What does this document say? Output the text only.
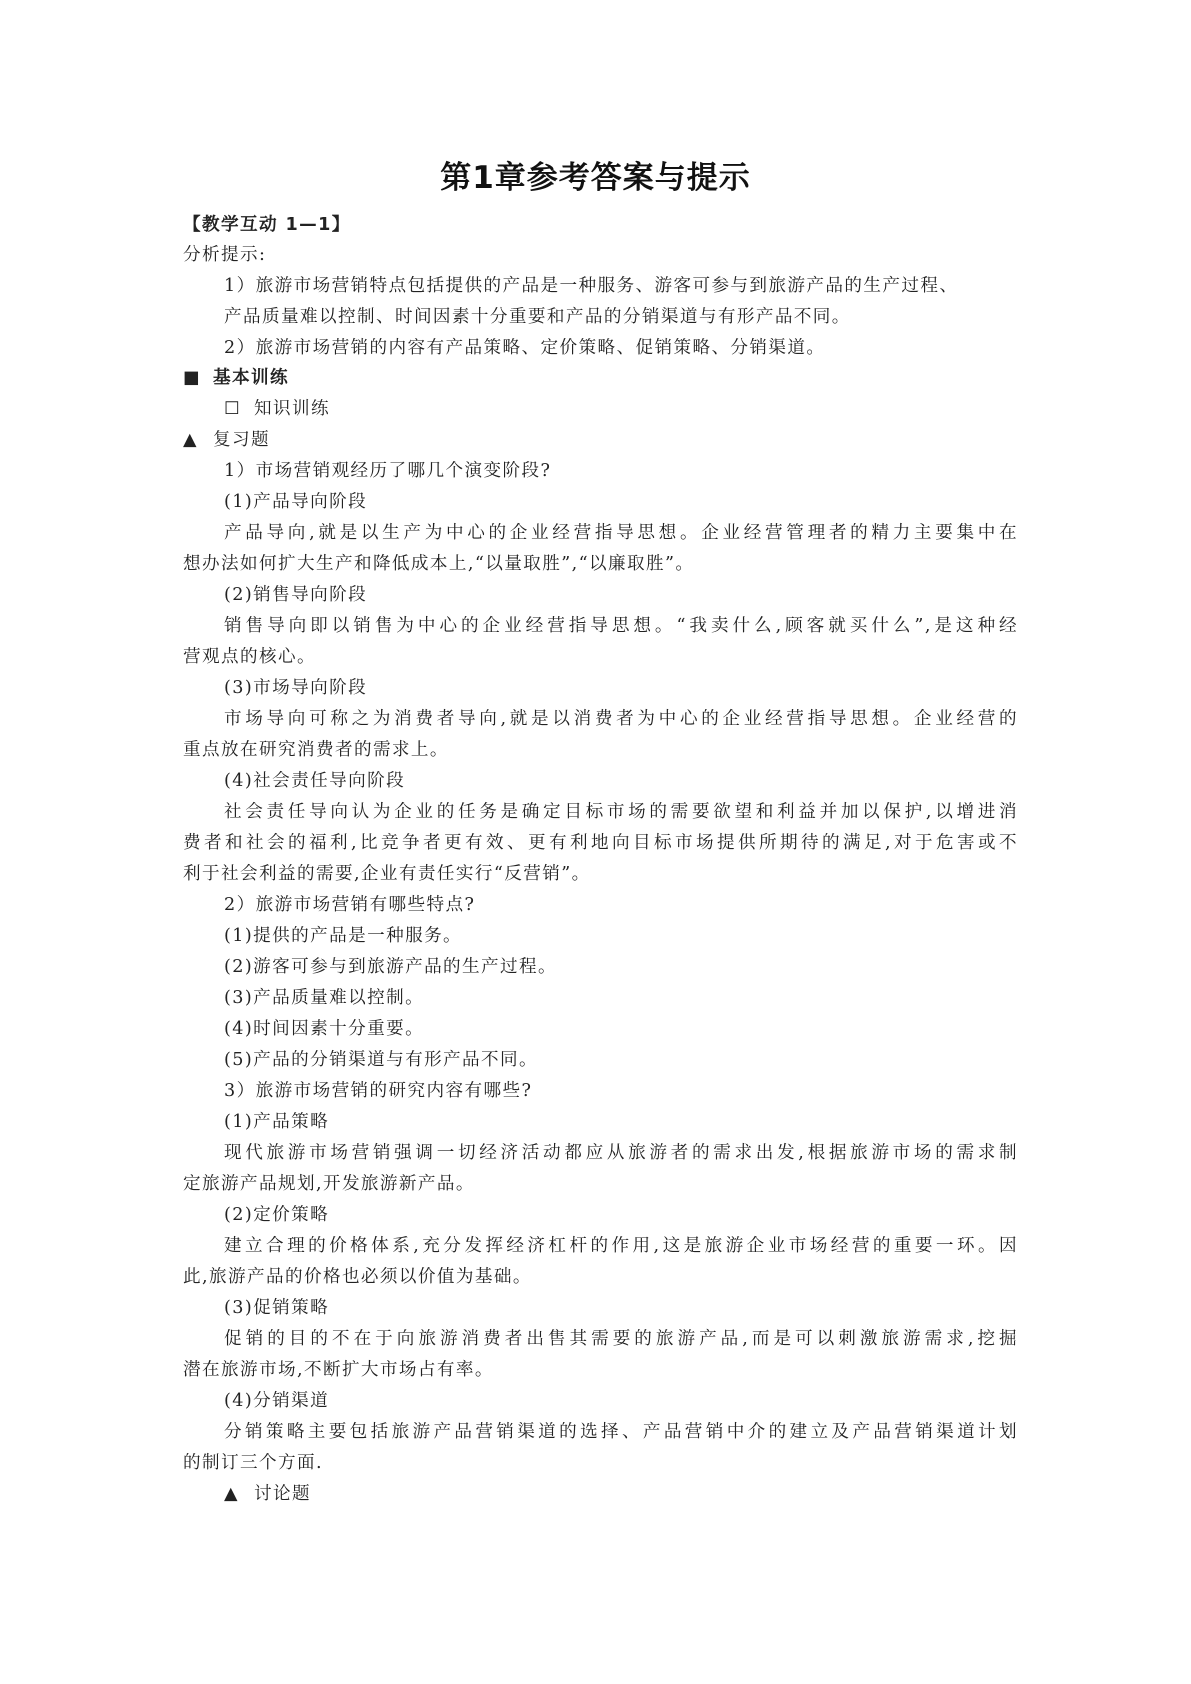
第1章参考答案与提示
【教学互动 1—1】
分析提示:
1）旅游市场营销特点包括提供的产品是一种服务、游客可参与到旅游产品的生产过程、
产品质量难以控制、时间因素十分重要和产品的分销渠道与有形产品不同。
2）旅游市场营销的内容有产品策略、定价策略、促销策略、分销渠道。
■ 基本训练
☐ 知识训练
▲ 复习题
1）市场营销观经历了哪几个演变阶段?
(1)产品导向阶段
产品导向,就是以生产为中心的企业经营指导思想。企业经营管理者的精力主要集中在
想办法如何扩大生产和降低成本上,“以量取胜”,“以廉取胜”。
(2)销售导向阶段
销售导向即以销售为中心的企业经营指导思想。“我卖什么,顾客就买什么”,是这种经
营观点的核心。
(3)市场导向阶段
市场导向可称之为消费者导向,就是以消费者为中心的企业经营指导思想。企业经营的
重点放在研究消费者的需求上。
(4)社会责任导向阶段
社会责任导向认为企业的任务是确定目标市场的需要欲望和利益并加以保护,以增进消
费者和社会的福利,比竞争者更有效、更有利地向目标市场提供所期待的满足,对于危害或不
利于社会利益的需要,企业有责任实行“反营销”。
2）旅游市场营销有哪些特点?
(1)提供的产品是一种服务。
(2)游客可参与到旅游产品的生产过程。
(3)产品质量难以控制。
(4)时间因素十分重要。
(5)产品的分销渠道与有形产品不同。
3）旅游市场营销的研究内容有哪些?
(1)产品策略
现代旅游市场营销强调一切经济活动都应从旅游者的需求出发,根据旅游市场的需求制
定旅游产品规划,开发旅游新产品。
(2)定价策略
建立合理的价格体系,充分发挥经济杠杆的作用,这是旅游企业市场经营的重要一环。因
此,旅游产品的价格也必须以价值为基础。
(3)促销策略
促销的目的不在于向旅游消费者出售其需要的旅游产品,而是可以刺激旅游需求,挖掘
潜在旅游市场,不断扩大市场占有率。
(4)分销渠道
分销策略主要包括旅游产品营销渠道的选择、产品营销中介的建立及产品营销渠道计划
的制订三个方面.
▲ 讨论题
